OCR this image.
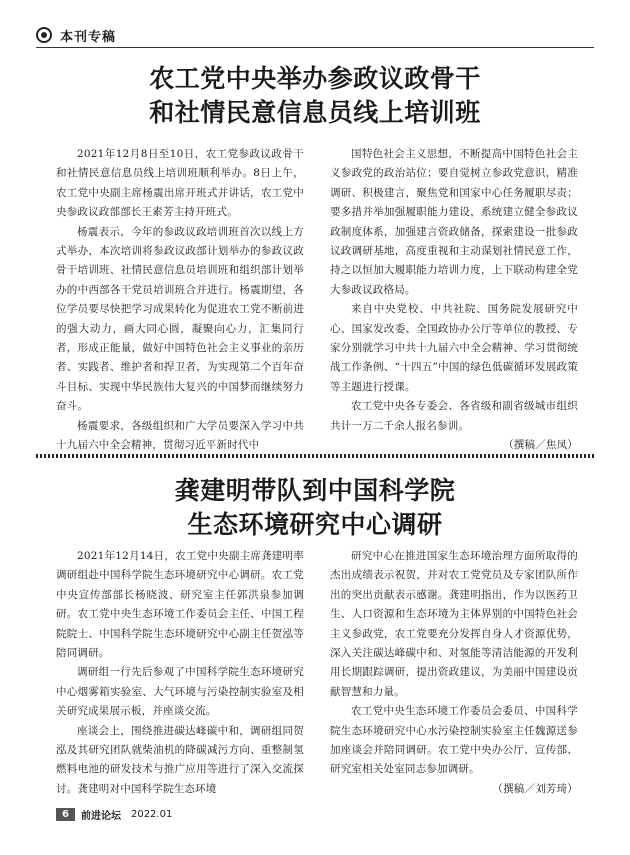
本刊专稿
农工党中央举办参政议政骨干
和社情民意信息员线上培训班

2021年12月8日至10日，农工党参政议政骨干和社情民意信息员线上培训班顺利举办。8日上午，农工党中央副主席杨震出席开班式并讲话，农工党中央参政议政部部长王素芳主持开班式。

杨震表示，今年的参政议政培训班首次以线上方式举办，本次培训将参政议政部计划举办的参政议政骨干培训班、社情民意信息员培训班和组织部计划举办的中西部各干党员培训班合并进行。杨震期望，各位学员要尽快把学习成果转化为促进农工党不断前进的强大动力，画大同心圆，凝聚向心力，汇集同行者，形成正能量，做好中国特色社会主义事业的亲历者、实践者、维护者和捍卫者，为实现第二个百年奋斗目标、实现中华民族伟大复兴的中国梦而继续努力奋斗。

杨震要求，各级组织和广大学员要深入学习中共十九届六中全会精神，贯彻习近平新时代中

国特色社会主义思想，不断提高中国特色社会主义参政党的政治站位；要自觉树立参政党意识，精准调研、积极建言，聚焦党和国家中心任务履职尽责；要多措并举加强履职能力建设，系统建立健全参政议政制度体系，加强建言资政储备，探索建设一批参政议政调研基地，高度重视和主动谋划社情民意工作，持之以恒加大履职能力培训力度，上下联动构建全党大参政议政格局。

来自中央党校、中共社院、国务院发展研究中心、国家发改委、全国政协办公厅等单位的教授、专家分别就学习中共十九届六中全会精神、学习贯彻统战工作条例、“十四五”中国的绿色低碳循环发展政策等主题进行授课。

农工党中央各专委会、各省级和副省级城市组织共计一万二千余人报名参训。

（撰稿／焦凤）

龚建明带队到中国科学院
生态环境研究中心调研

2021年12月14日，农工党中央副主席龚建明率调研组赴中国科学院生态环境研究中心调研。农工党中央宣传部部长杨晓波、研究室主任郭洪泉参加调研。农工党中央生态环境工作委员会主任、中国工程院院士、中国科学院生态环境研究中心副主任贺泓等陪同调研。

调研组一行先后参观了中国科学院生态环境研究中心烟雾箱实验室、大气环境与污染控制实验室及相关研究成果展示板，并座谈交流。

座谈会上，围绕推进碳达峰碳中和，调研组同贺泓及其研究团队就柴油机的降碳减污方向、重整制氢燃料电池的研发技术与推广应用等进行了深入交流探讨。龚建明对中国科学院生态环境

研究中心在推进国家生态环境治理方面所取得的杰出成绩表示祝贺，并对农工党党员及专家团队所作出的突出贡献表示感谢。龚建明指出，作为以医药卫生、人口资源和生态环境为主体界别的中国特色社会主义参政党，农工党要充分发挥自身人才资源优势，深入关注碳达峰碳中和、对氢能等清洁能源的开发利用长期跟踪调研，提出资政建议，为美丽中国建设贡献智慧和力量。

农工党中央生态环境工作委员会委员、中国科学院生态环境研究中心水污染控制实验室主任魏源送参加座谈会并陪同调研。农工党中央办公厅、宣传部、研究室相关处室同志参加调研。

（撰稿／刘芳琦）

6	前进论坛 2022.01
